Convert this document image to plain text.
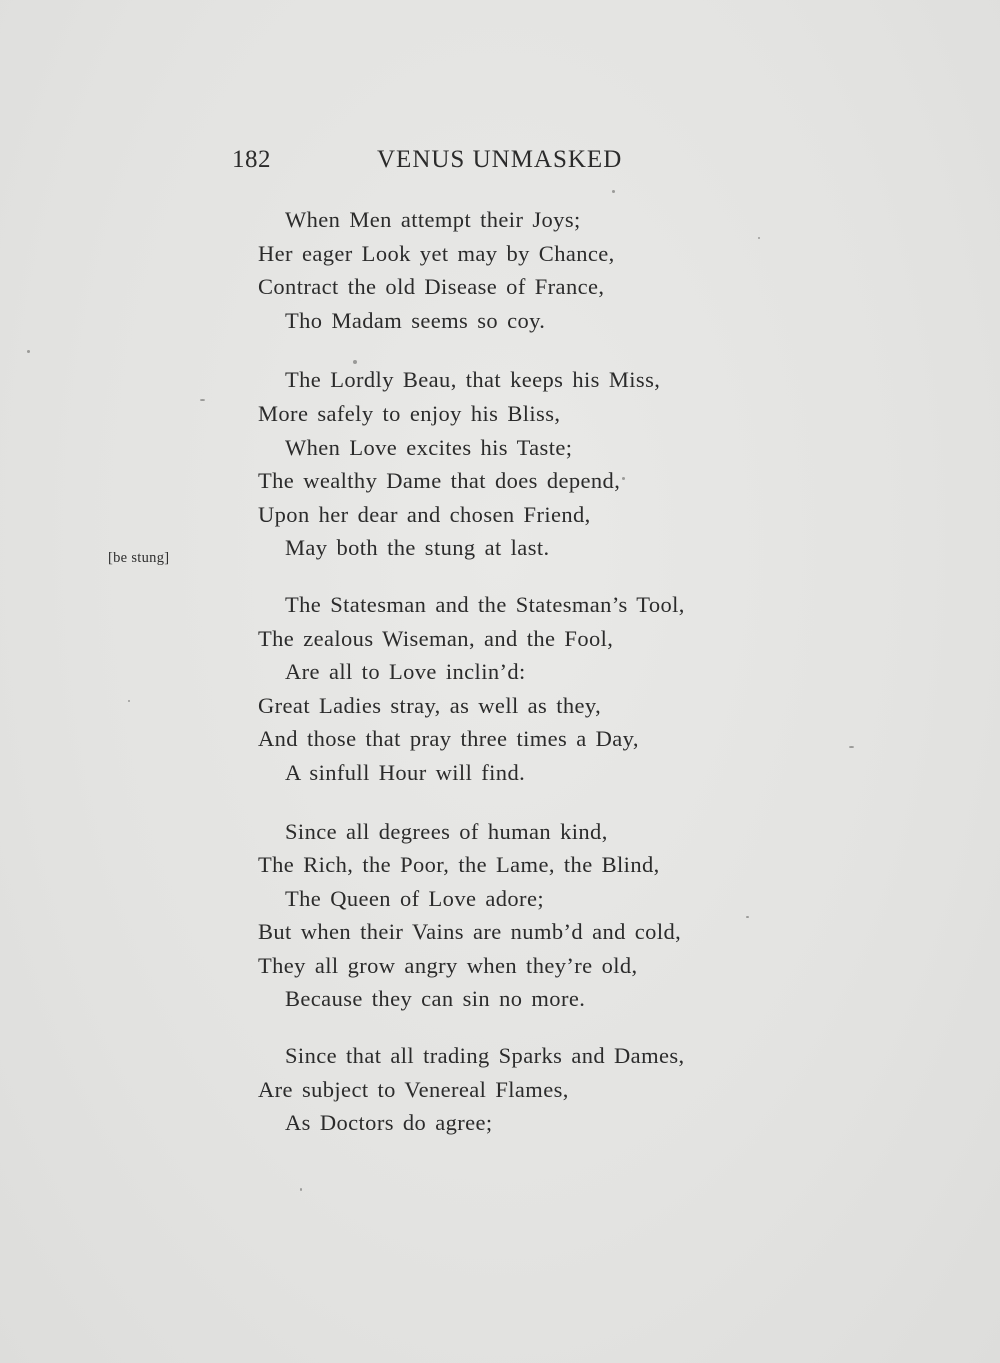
182	VENUS UNMASKED
[be stung]
When Men attempt their Joys;
Her eager Look yet may by Chance,
Contract the old Disease of France,
Tho Madam seems so coy.
The Lordly Beau, that keeps his Miss,
More safely to enjoy his Bliss,
When Love excites his Taste;
The wealthy Dame that does depend,
Upon her dear and chosen Friend,
May both the stung at last.
The Statesman and the Statesman’s Tool,
The zealous Wiseman, and the Fool,
Are all to Love inclin’d:
Great Ladies stray, as well as they,
And those that pray three times a Day,
A sinfull Hour will find.
Since all degrees of human kind,
The Rich, the Poor, the Lame, the Blind,
The Queen of Love adore;
But when their Vains are numb’d and cold,
They all grow angry when they’re old,
Because they can sin no more.
Since that all trading Sparks and Dames,
Are subject to Venereal Flames,
As Doctors do agree;
